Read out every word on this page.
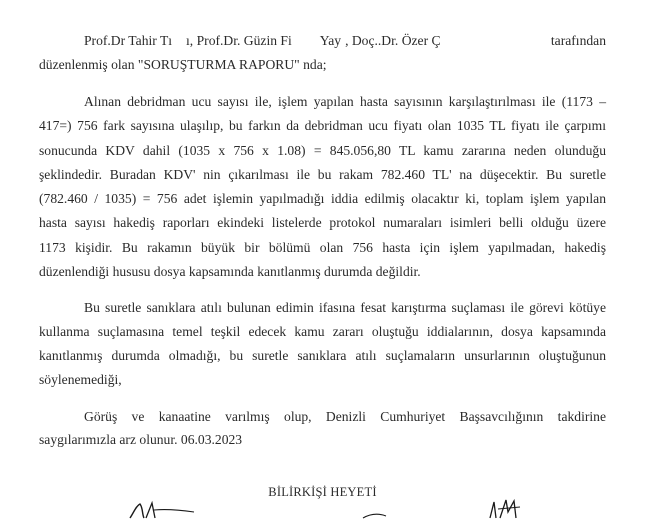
Prof.Dr Tahir Tı ı, Prof.Dr. Güzin Fi Yay , Doç..Dr. Özer Ç	tarafından
düzenlenmiş olan "SORUŞTURMA RAPORU" nda;
Alınan debridman ucu sayısı ile, işlem yapılan hasta sayısının karşılaştırılması ile (1173 –
417=) 756 fark sayısına ulaşılıp, bu farkın da debridman ucu fiyatı olan 1035 TL fiyatı ile çarpımı
sonucunda KDV dahil (1035 x 756 x 1.08) = 845.056,80 TL kamu zararına neden olunduğu
şeklindedir. Buradan KDV' nin çıkarılması ile bu rakam 782.460 TL' na düşecektir. Bu suretle
(782.460 / 1035) = 756 adet işlemin yapılmadığı iddia edilmiş olacaktır ki, toplam işlem yapılan
hasta sayısı hakediş raporları ekindeki listelerde protokol numaraları isimleri belli olduğu üzere
1173 kişidir. Bu rakamın büyük bir bölümü olan 756 hasta için işlem yapılmadan, hakediş
düzenlendiği hususu dosya kapsamında kanıtlanmış durumda değildir.
Bu suretle sanıklara atılı bulunan edimin ifasına fesat karıştırma suçlaması ile görevi kötüye
kullanma suçlamasına temel teşkil edecek kamu zararı oluştuğu iddialarının, dosya kapsamında
kanıtlanmış durumda olmadığı, bu suretle sanıklara atılı suçlamaların unsurlarının oluştuğunun
söylenemediği,
Görüş ve kanaatine varılmış olup, Denizli Cumhuriyet Başsavcılığının takdirine
saygılarımızla arz olunur. 06.03.2023
BİLİRKİŞİ HEYETİ
